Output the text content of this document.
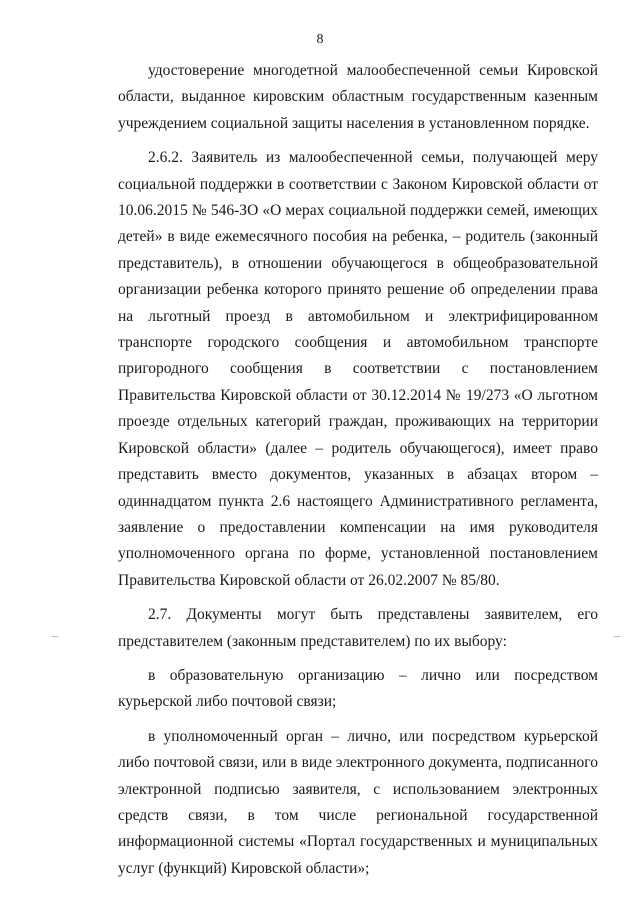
8

удостоверение многодетной малообеспеченной семьи Кировской области, выданное кировским областным государственным казенным учреждением социальной защиты населения в установленном порядке.

2.6.2. Заявитель из малообеспеченной семьи, получающей меру социальной поддержки в соответствии с Законом Кировской области от 10.06.2015 № 546-ЗО «О мерах социальной поддержки семей, имеющих детей» в виде ежемесячного пособия на ребенка, – родитель (законный представитель), в отношении обучающегося в общеобразовательной организации ребенка которого принято решение об определении права на льготный проезд в автомобильном и электрифицированном транспорте городского сообщения и автомобильном транспорте пригородного сообщения в соответствии с постановлением Правительства Кировской области от 30.12.2014 № 19/273 «О льготном проезде отдельных категорий граждан, проживающих на территории Кировской области» (далее – родитель обучающегося), имеет право представить вместо документов, указанных в абзацах втором – одиннадцатом пункта 2.6 настоящего Административного регламента, заявление о предоставлении компенсации на имя руководителя уполномоченного органа по форме, установленной постановлением Правительства Кировской области от 26.02.2007 № 85/80.

2.7. Документы могут быть представлены заявителем, его представителем (законным представителем) по их выбору:

в образовательную организацию – лично или посредством курьерской либо почтовой связи;

в уполномоченный орган – лично, или посредством курьерской либо почтовой связи, или в виде электронного документа, подписанного электронной подписью заявителя, с использованием электронных средств связи, в том числе региональной государственной информационной системы «Портал государственных и муниципальных услуг (функций) Кировской области»;

–	–
